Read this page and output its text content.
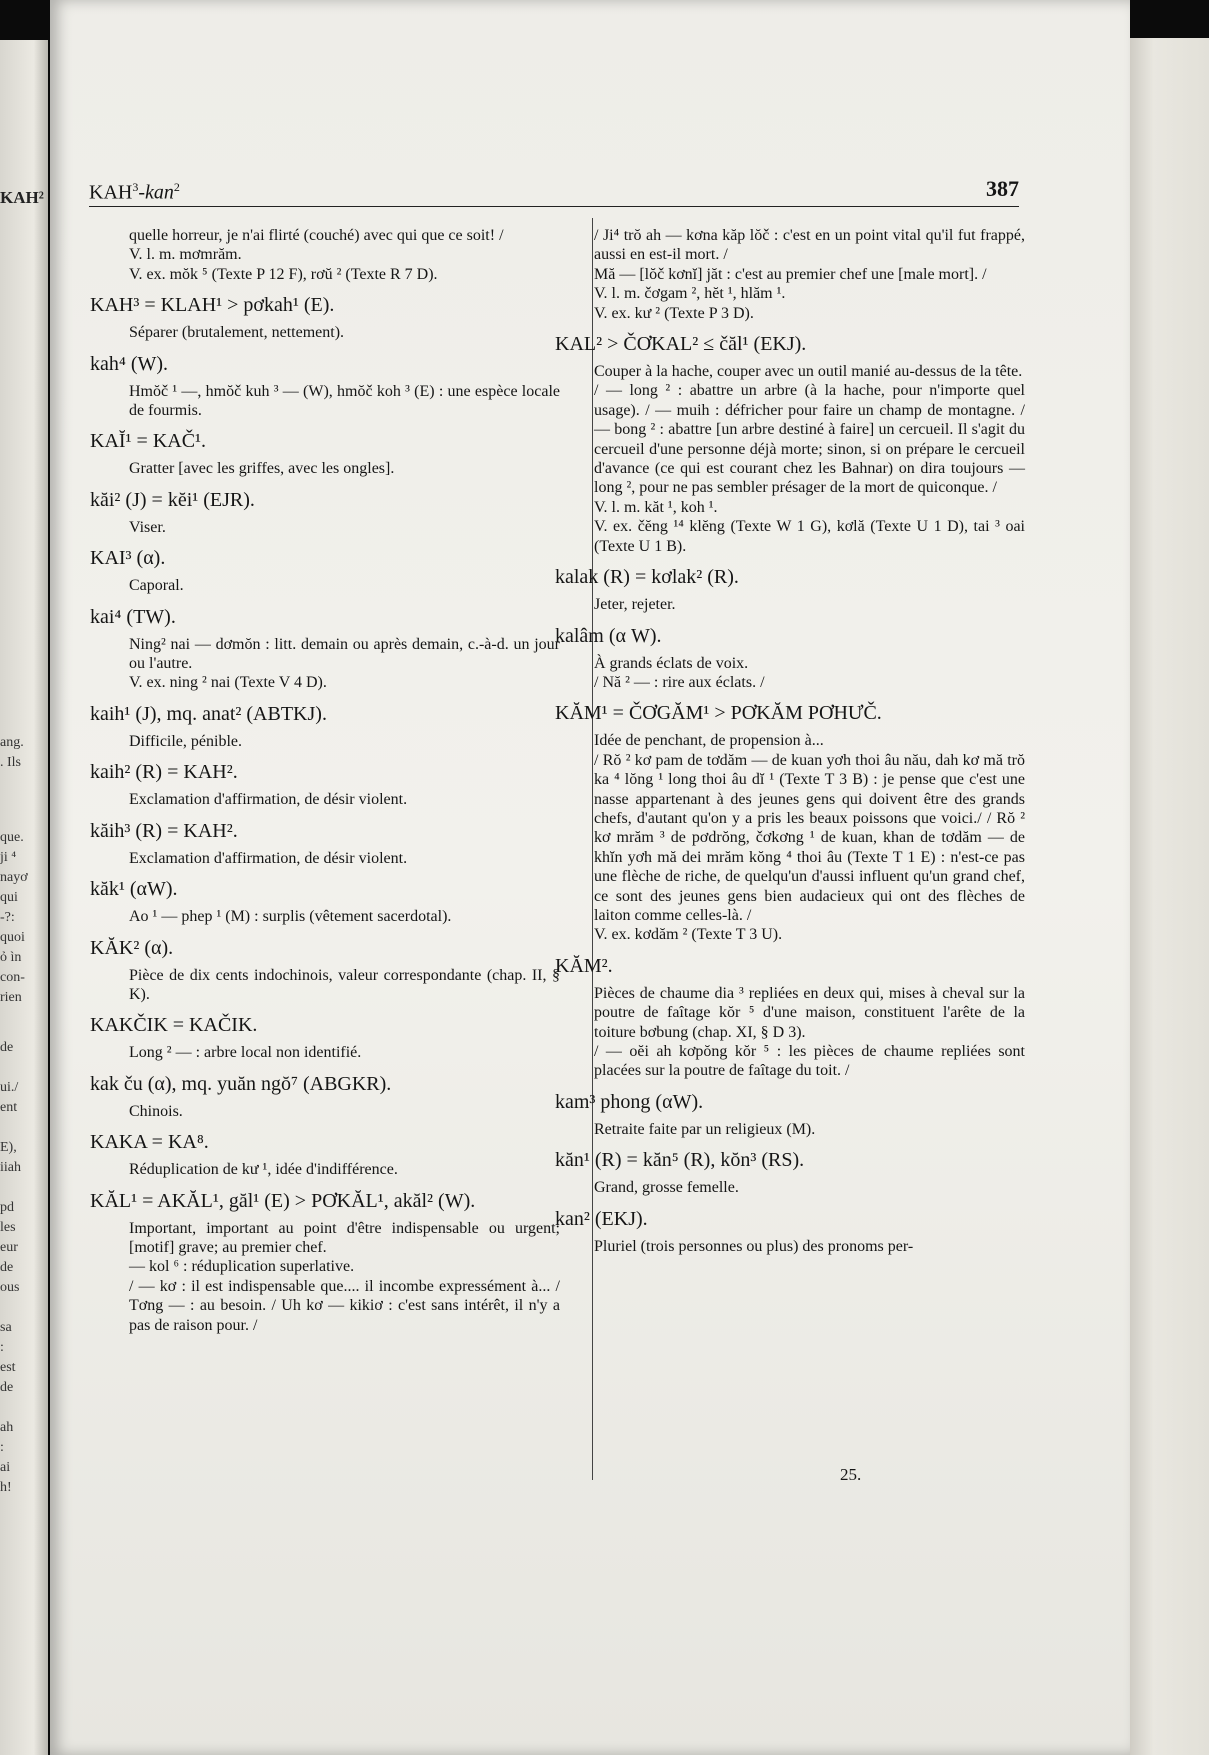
KAH²
ang.
. Ils
que.
ji ⁴
nayơ
qui
-?:
quoi
ỏ ìn
con-
rien
de
ui./
ent
E),
iiah
pd
les
eur
de
ous
sa
:
est
de
ah
:
ai
h!
KAH$^3$-kan$^2$	387

quelle horreur, je n'ai flirté (couché) avec qui que ce soit! /

V. l. m. mơmrăm.

V. ex. mŏk ⁵ (Texte P 12 F), rơŭ ² (Texte R 7 D).

KAH³ = KLAH¹ > pơkah¹ (E).

Séparer (brutalement, nettement).

kah⁴ (W).

Hmŏč ¹ —, hmŏč kuh ³ — (W), hmŏč koh ³ (E) : une espèce locale de fourmis.

KAĬ¹ = KAČ¹.

Gratter [avec les griffes, avec les ongles].

kăi² (J) = kĕi¹ (EJR).

Viser.

KAI³ (α).

Caporal.

kai⁴ (TW).

Ning² nai — dơmŏn : litt. demain ou après demain, c.-à-d. un jour ou l'autre.

V. ex. ning ² nai (Texte V 4 D).

kaih¹ (J), mq. anat² (ABTKJ).

Difficile, pénible.

kaih² (R) = KAH².

Exclamation d'affirmation, de désir violent.

kăih³ (R) = KAH².

Exclamation d'affirmation, de désir violent.

kăk¹ (αW).

Ao ¹ — phep ¹ (M) : surplis (vêtement sacerdotal).

KĂK² (α).

Pièce de dix cents indochinois, valeur correspondante (chap. II, § K).

KAKČIK = KAČIK.

Long ² — : arbre local non identifié.

kak ču (α), mq. yuăn ngŏ⁷ (ABGKR).

Chinois.

KAKA = KA⁸.

Réduplication de kư ¹, idée d'indifférence.

KĂL¹ = AKĂL¹, găl¹ (E) > PƠKĂL¹, akăl² (W).

Important, important au point d'être indispensable ou urgent; [motif] grave; au premier chef.

— kol ⁶ : réduplication superlative.

/ — kơ : il est indispensable que.... il incombe expressément à... / Tơng — : au besoin. / Uh kơ — kikiơ : c'est sans intérêt, il n'y a pas de raison pour. /

/ Ji⁴ trŏ ah — kơna kăp lŏč : c'est en un point vital qu'il fut frappé, aussi en est-il mort. /

Mă — [lŏč kơnĭ] jăt : c'est au premier chef une [male mort]. /

V. l. m. čơgam ², hĕt ¹, hlăm ¹.

V. ex. kư ² (Texte P 3 D).

KAL² > ČƠKAL² ≤ čăl¹ (EKJ).

Couper à la hache, couper avec un outil manié au-dessus de la tête.

/ — long ² : abattre un arbre (à la hache, pour n'importe quel usage). / — muih : défricher pour faire un champ de montagne. / — bong ² : abattre [un arbre destiné à faire] un cercueil. Il s'agit du cercueil d'une personne déjà morte; sinon, si on prépare le cercueil d'avance (ce qui est courant chez les Bahnar) on dira toujours — long ², pour ne pas sembler présager de la mort de quiconque. /

V. l. m. kăt ¹, koh ¹.

V. ex. čĕng ¹⁴ klĕng (Texte W 1 G), kơlă (Texte U 1 D), tai ³ oai (Texte U 1 B).

kalak (R) = kơlak² (R).

Jeter, rejeter.

kalâm (α W).

À grands éclats de voix.

/ Nă ² — : rire aux éclats. /

KĂM¹ = ČƠGĂM¹ > PƠKĂM PƠHƯČ.

Idée de penchant, de propension à...

/ Rŏ ² kơ pam de tơdăm — de kuan yơh thoi âu nău, dah kơ mă trŏ ka ⁴ lŏng ¹ long thoi âu dĭ ¹ (Texte T 3 B) : je pense que c'est une nasse appartenant à des jeunes gens qui doivent être des grands chefs, d'autant qu'on y a pris les beaux poissons que voici./ / Rŏ ² kơ mrăm ³ de pơdrŏng, čơkơng ¹ de kuan, khan de tơdăm — de khĭn yơh mă dei mrăm kŏng ⁴ thoi âu (Texte T 1 E) : n'est-ce pas une flèche de riche, de quelqu'un d'aussi influent qu'un grand chef, ce sont des jeunes gens bien audacieux qui ont des flèches de laiton comme celles-là. /

V. ex. kơdăm ² (Texte T 3 U).

KĂM².

Pièces de chaume dia ³ repliées en deux qui, mises à cheval sur la poutre de faîtage kŏr ⁵ d'une maison, constituent l'arête de la toiture bơbung (chap. XI, § D 3).

/ — oĕi ah kơpŏng kŏr ⁵ : les pièces de chaume repliées sont placées sur la poutre de faîtage du toit. /

kam³ phong (αW).

Retraite faite par un religieux (M).

kăn¹ (R) = kăn⁵ (R), kŏn³ (RS).

Grand, grosse femelle.

kan² (EKJ).

Pluriel (trois personnes ou plus) des pronoms per-

25.
